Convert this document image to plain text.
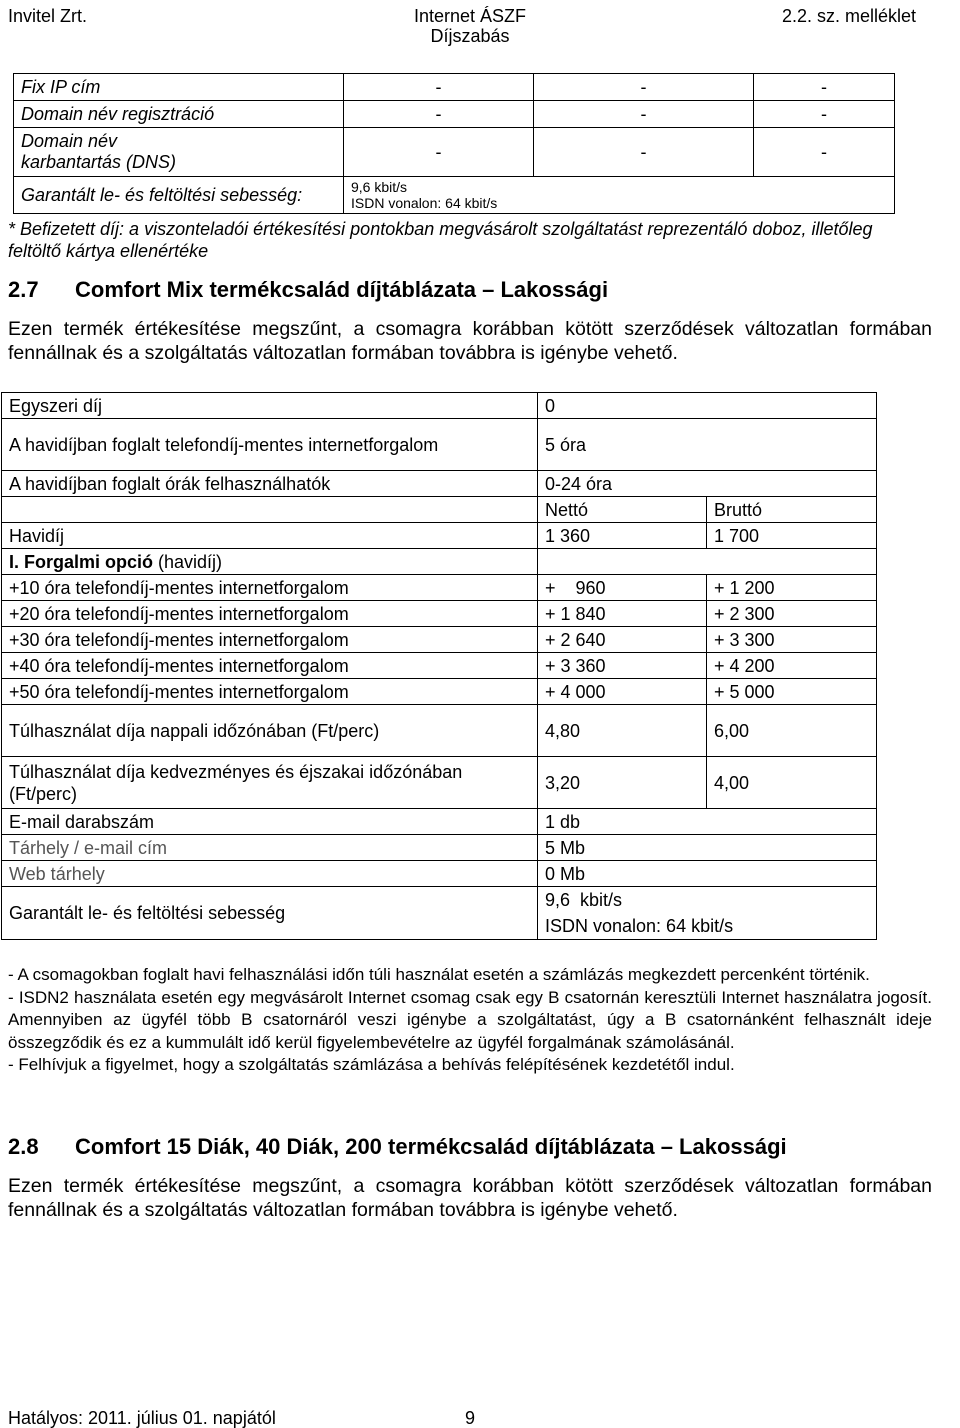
Invitel Zrt.	Internet ÁSZF
Díjszabás
2.2. sz. melléklet
Fix IP cím	-	-	-
Domain név regisztráció	-	-	-

Domain név
karbantartás (DNS)	-	-	-
Garantált le- és feltöltési sebesség:	9,6 kbit/s
ISDN vonalon: 64 kbit/s		
* Befizetett díj: a viszonteladói értékesítési pontokban megvásárolt szolgáltatást reprezentáló doboz, illetőleg feltöltő kártya ellenértéke
2.7 Comfort Mix termékcsalád díjtáblázata – Lakossági
Ezen termék értékesítése megszűnt, a csomagra korábban kötött szerződések változatlan formában fennállnak és a szolgáltatás változatlan formában továbbra is igénybe vehető.
Egyszeri díj	0	
A havidíjban foglalt telefondíj-mentes internetforgalom	5 óra	
A havidíjban foglalt órák felhasználhatók	0-24 óra	
	Nettó	Bruttó
Havidíj	1 360	1 700
I. Forgalmi opció (havidíj)		
+10 óra telefondíj-mentes internetforgalom	+    960	+ 1 200
+20 óra telefondíj-mentes internetforgalom	+ 1 840	+ 2 300
+30 óra telefondíj-mentes internetforgalom	+ 2 640	+ 3 300
+40 óra telefondíj-mentes internetforgalom	+ 3 360	+ 4 200
+50 óra telefondíj-mentes internetforgalom	+ 4 000	+ 5 000
Túlhasználat díja nappali időzónában (Ft/perc)	4,80	6,00
Túlhasználat díja kedvezményes és éjszakai időzónában (Ft/perc)	3,20	4,00
E-mail darabszám	1 db	
Tárhely / e-mail cím	5 Mb	
Web tárhely	0 Mb	
Garantált le- és feltöltési sebesség	9,6  kbit/s
ISDN vonalon: 64 kbit/s	

- A csomagokban foglalt havi felhasználási időn túli használat esetén a számlázás megkezdett percenként történik.

- ISDN2 használata esetén egy megvásárolt Internet csomag csak egy B csatornán keresztüli Internet használatra jogosít. Amennyiben az ügyfél több B csatornáról veszi igénybe a szolgáltatást, úgy a B csatornánként felhasznált ideje összegződik és ez a kummulált idő kerül figyelembevételre az ügyfél forgalmának számolásánál.

- Felhívjuk a figyelmet, hogy a szolgáltatás számlázása a behívás felépítésének kezdetétől indul.

2.8 Comfort 15 Diák, 40 Diák, 200 termékcsalád díjtáblázata – Lakossági
Ezen termék értékesítése megszűnt, a csomagra korábban kötött szerződések változatlan formában fennállnak és a szolgáltatás változatlan formában továbbra is igénybe vehető.
Hatályos: 2011. július 01. napjától	9
